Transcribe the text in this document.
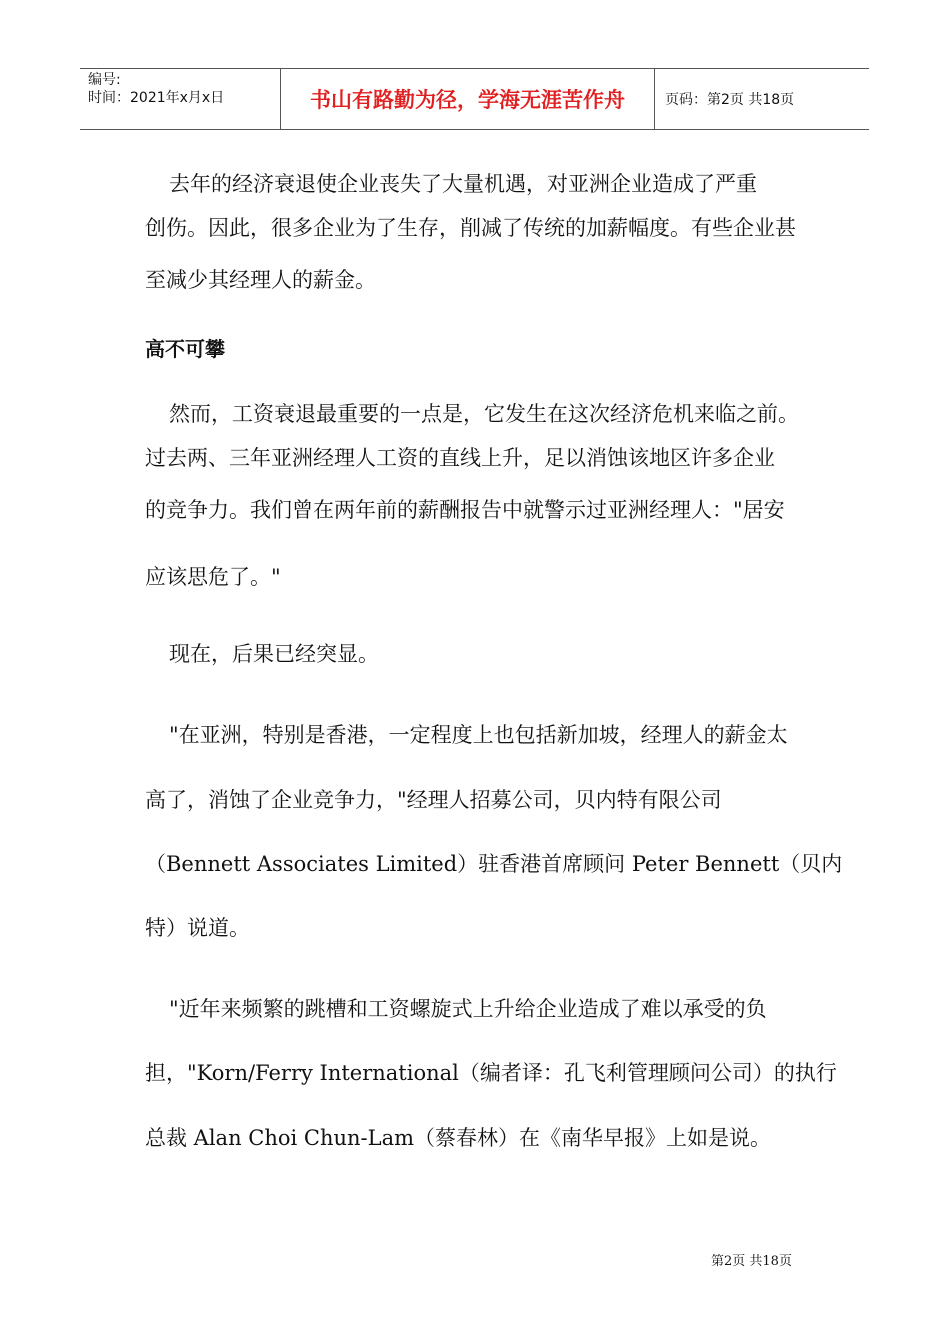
编号:
时间：2021年x月x日	书山有路勤为径，学海无涯苦作舟	页码：第2页 共18页

去年的经济衰退使企业丧失了大量机遇，对亚洲企业造成了严重

创伤。因此，很多企业为了生存，削减了传统的加薪幅度。有些企业甚

至减少其经理人的薪金。

高不可攀

然而，工资衰退最重要的一点是，它发生在这次经济危机来临之前。

过去两、三年亚洲经理人工资的直线上升，足以消蚀该地区许多企业

的竞争力。我们曾在两年前的薪酬报告中就警示过亚洲经理人："居安

应该思危了。"

现在，后果已经突显。

"在亚洲，特别是香港，一定程度上也包括新加坡，经理人的薪金太

高了，消蚀了企业竞争力，"经理人招募公司，贝内特有限公司

（Bennett Associates Limited）驻香港首席顾问 Peter Bennett（贝内

特）说道。

"近年来频繁的跳槽和工资螺旋式上升给企业造成了难以承受的负

担，"Korn/Ferry International（编者译：孔飞利管理顾问公司）的执行

总裁 Alan Choi Chun-Lam（蔡春林）在《南华早报》上如是说。

第2页 共18页
